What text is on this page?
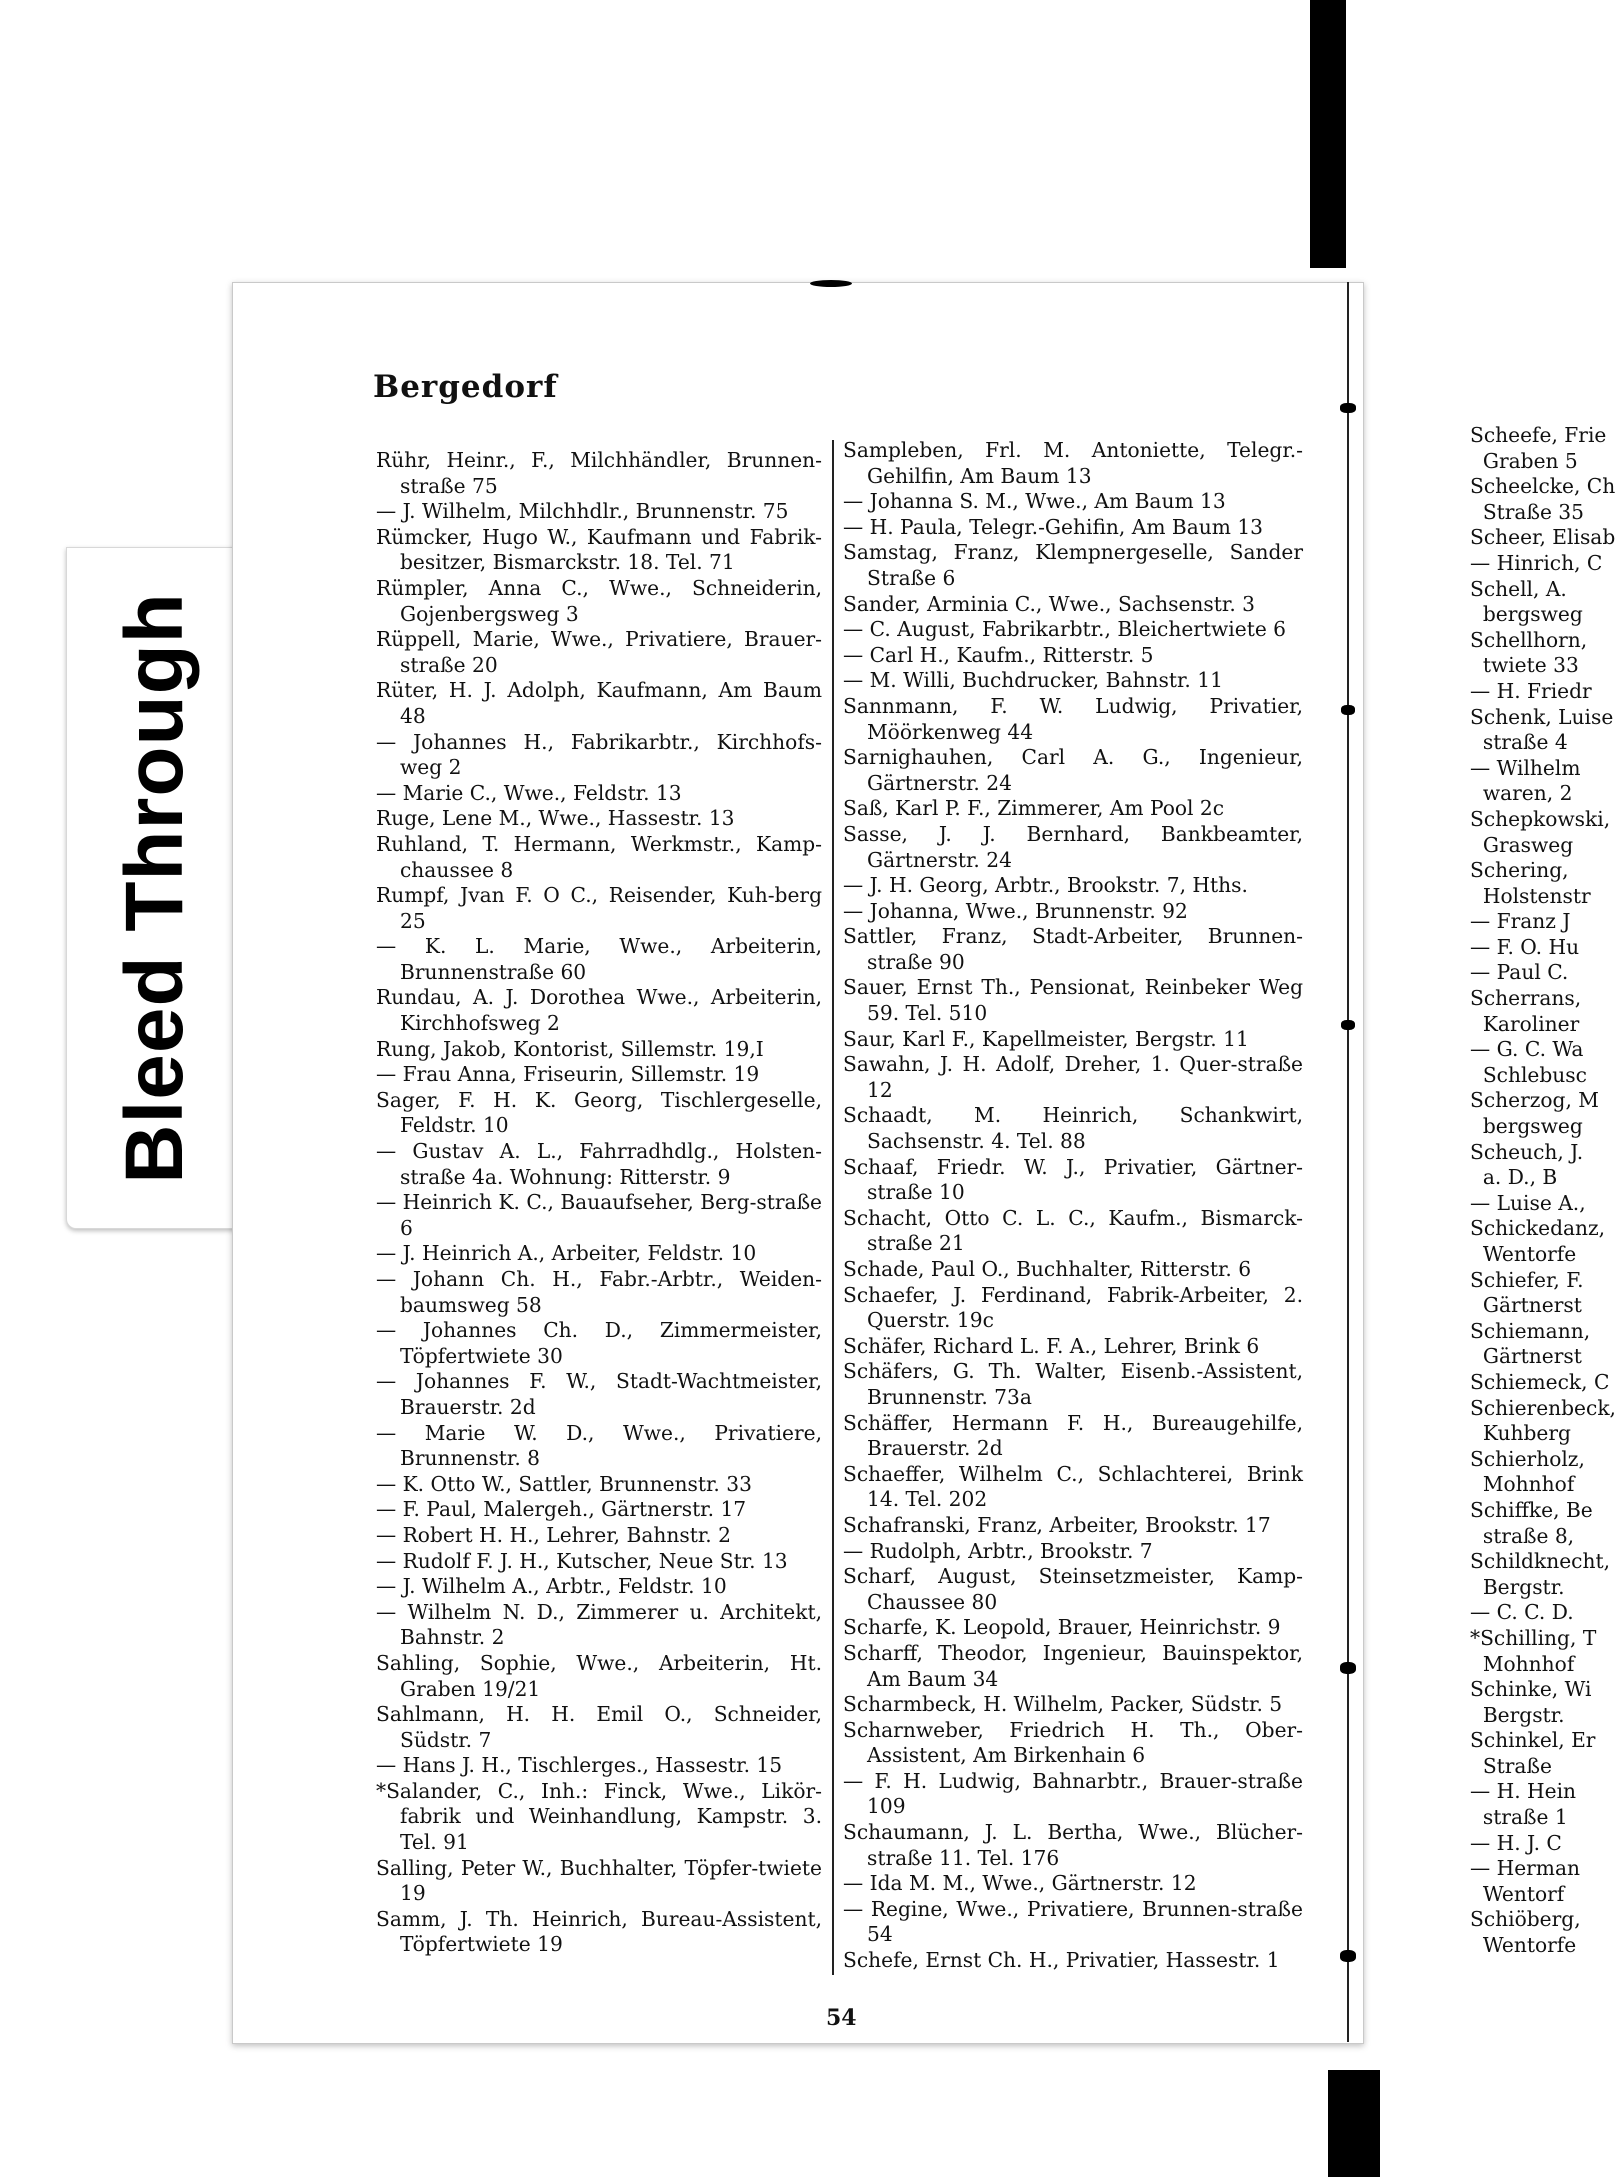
Bleed Through
Bergedorf
Rühr, Heinr., F., Milchhändler, Brunnen-straße 75
— J. Wilhelm, Milchhdlr., Brunnenstr. 75
Rümcker, Hugo W., Kaufmann und Fabrik-besitzer, Bismarckstr. 18. Tel. 71
Rümpler, Anna C., Wwe., Schneiderin, Gojenbergsweg 3
Rüppell, Marie, Wwe., Privatiere, Brauer-straße 20
Rüter, H. J. Adolph, Kaufmann, Am Baum 48
— Johannes H., Fabrikarbtr., Kirchhofs-weg 2
— Marie C., Wwe., Feldstr. 13
Ruge, Lene M., Wwe., Hassestr. 13
Ruhland, T. Hermann, Werkmstr., Kamp-chaussee 8
Rumpf, Jvan F. O C., Reisender, Kuh-berg 25
— K. L. Marie, Wwe., Arbeiterin, Brunnenstraße 60
Rundau, A. J. Dorothea Wwe., Arbeiterin, Kirchhofsweg 2
Rung, Jakob, Kontorist, Sillemstr. 19,I
— Frau Anna, Friseurin, Sillemstr. 19
Sager, F. H. K. Georg, Tischlergeselle, Feldstr. 10
— Gustav A. L., Fahrradhdlg., Holsten-straße 4a. Wohnung: Ritterstr. 9
— Heinrich K. C., Bauaufseher, Berg-straße 6
— J. Heinrich A., Arbeiter, Feldstr. 10
— Johann Ch. H., Fabr.-Arbtr., Weiden-baumsweg 58
— Johannes Ch. D., Zimmermeister, Töpfertwiete 30
— Johannes F. W., Stadt-Wachtmeister, Brauerstr. 2d
— Marie W. D., Wwe., Privatiere, Brunnenstr. 8
— K. Otto W., Sattler, Brunnenstr. 33
— F. Paul, Malergeh., Gärtnerstr. 17
— Robert H. H., Lehrer, Bahnstr. 2
— Rudolf F. J. H., Kutscher, Neue Str. 13
— J. Wilhelm A., Arbtr., Feldstr. 10
— Wilhelm N. D., Zimmerer u. Architekt, Bahnstr. 2
Sahling, Sophie, Wwe., Arbeiterin, Ht. Graben 19/21
Sahlmann, H. H. Emil O., Schneider, Südstr. 7
— Hans J. H., Tischlerges., Hassestr. 15
*Salander, C., Inh.: Finck, Wwe., Likör-fabrik und Weinhandlung, Kampstr. 3. Tel. 91
Salling, Peter W., Buchhalter, Töpfer-twiete 19
Samm, J. Th. Heinrich, Bureau-Assistent, Töpfertwiete 19
Sampleben, Frl. M. Antoniette, Telegr.-Gehilfin, Am Baum 13
— Johanna S. M., Wwe., Am Baum 13
— H. Paula, Telegr.-Gehifin, Am Baum 13
Samstag, Franz, Klempnergeselle, Sander Straße 6
Sander, Arminia C., Wwe., Sachsenstr. 3
— C. August, Fabrikarbtr., Bleichertwiete 6
— Carl H., Kaufm., Ritterstr. 5
— M. Willi, Buchdrucker, Bahnstr. 11
Sannmann, F. W. Ludwig, Privatier, Möörkenweg 44
Sarnighauhen, Carl A. G., Ingenieur, Gärtnerstr. 24
Saß, Karl P. F., Zimmerer, Am Pool 2c
Sasse, J. J. Bernhard, Bankbeamter, Gärtnerstr. 24
— J. H. Georg, Arbtr., Brookstr. 7, Hths.
— Johanna, Wwe., Brunnenstr. 92
Sattler, Franz, Stadt-Arbeiter, Brunnen-straße 90
Sauer, Ernst Th., Pensionat, Reinbeker Weg 59. Tel. 510
Saur, Karl F., Kapellmeister, Bergstr. 11
Sawahn, J. H. Adolf, Dreher, 1. Quer-straße 12
Schaadt, M. Heinrich, Schankwirt, Sachsenstr. 4. Tel. 88
Schaaf, Friedr. W. J., Privatier, Gärtner-straße 10
Schacht, Otto C. L. C., Kaufm., Bismarck-straße 21
Schade, Paul O., Buchhalter, Ritterstr. 6
Schaefer, J. Ferdinand, Fabrik-Arbeiter, 2. Querstr. 19c
Schäfer, Richard L. F. A., Lehrer, Brink 6
Schäfers, G. Th. Walter, Eisenb.-Assistent, Brunnenstr. 73a
Schäffer, Hermann F. H., Bureaugehilfe, Brauerstr. 2d
Schaeffer, Wilhelm C., Schlachterei, Brink 14. Tel. 202
Schafranski, Franz, Arbeiter, Brookstr. 17
— Rudolph, Arbtr., Brookstr. 7
Scharf, August, Steinsetzmeister, Kamp-Chaussee 80
Scharfe, K. Leopold, Brauer, Heinrichstr. 9
Scharff, Theodor, Ingenieur, Bauinspektor, Am Baum 34
Scharmbeck, H. Wilhelm, Packer, Südstr. 5
Scharnweber, Friedrich H. Th., Ober-Assistent, Am Birkenhain 6
— F. H. Ludwig, Bahnarbtr., Brauer-straße 109
Schaumann, J. L. Bertha, Wwe., Blücher-straße 11. Tel. 176
— Ida M. M., Wwe., Gärtnerstr. 12
— Regine, Wwe., Privatiere, Brunnen-straße 54
Schefe, Ernst Ch. H., Privatier, Hassestr. 1
Scheefe, Frie
Graben 5
Scheelcke, Ch
Straße 35
Scheer, Elisab
— Hinrich, C
Schell, A.
bergsweg
Schellhorn,
twiete 33
— H. Friedr
Schenk, Luise
straße 4
— Wilhelm
waren, 2
Schepkowski,
Grasweg
Schering,
Holstenstr
— Franz J
— F. O. Hu
— Paul C.
Scherrans,
Karoliner
— G. C. Wa
Schlebusc
Scherzog, M
bergsweg
Scheuch, J.
a. D., B
— Luise A.,
Schickedanz,
Wentorfe
Schiefer, F.
Gärtnerst
Schiemann,
Gärtnerst
Schiemeck, C
Schierenbeck,
Kuhberg
Schierholz,
Mohnhof
Schiffke, Be
straße 8,
Schildknecht,
Bergstr.
— C. C. D.
*Schilling, T
Mohnhof
Schinke, Wi
Bergstr.
Schinkel, Er
Straße
— H. Hein
straße 1
— H. J. C
— Herman
Wentorf
Schiöberg,
Wentorfe
54
